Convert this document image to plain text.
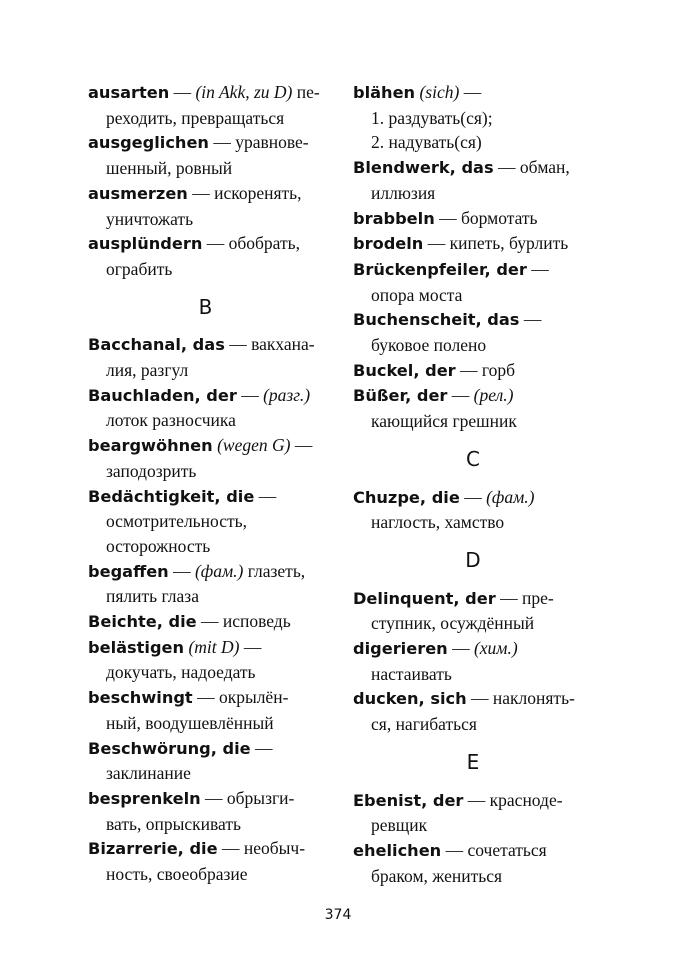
ausarten — (in Akk, zu D) пе-
реходить, превращаться
ausgeglichen — уравнове-
шенный, ровный
ausmerzen — искоренять,
уничтожать
ausplündern — обобрать,
ограбить
B
Bacchanal, das — вакхана-
лия, разгул
Bauchladen, der — (разг.)
лоток разносчика
beargwöhnen (wegen G) —
заподозрить
Bedächtigkeit, die —
осмотрительность,
осторожность
begaffen — (фам.) глазеть,
пялить глаза
Beichte, die — исповедь
belästigen (mit D) —
докучать, надоедать
beschwingt — окрылён-
ный, воодушевлённый
Beschwörung, die —
заклинание
besprenkeln — обрызги-
вать, опрыскивать
Bizarrerie, die — необыч-
ность, своеобразие
blähen (sich) —
1. раздувать(ся);
2. надувать(ся)
Blendwerk, das — обман,
иллюзия
brabbeln — бормотать
brodeln — кипеть, бурлить
Brückenpfeiler, der —
опора моста
Buchenscheit, das —
буковое полено
Buckel, der — горб
Büßer, der — (рел.)
кающийся грешник
C
Chuzpe, die — (фам.)
наглость, хамство
D
Delinquent, der — пре-
ступник, осуждённый
digerieren — (хим.)
настаивать
ducken, sich — наклонять-
ся, нагибаться
E
Ebenist, der — красноде-
ревщик
ehelichen — сочетаться
браком, жениться
374
